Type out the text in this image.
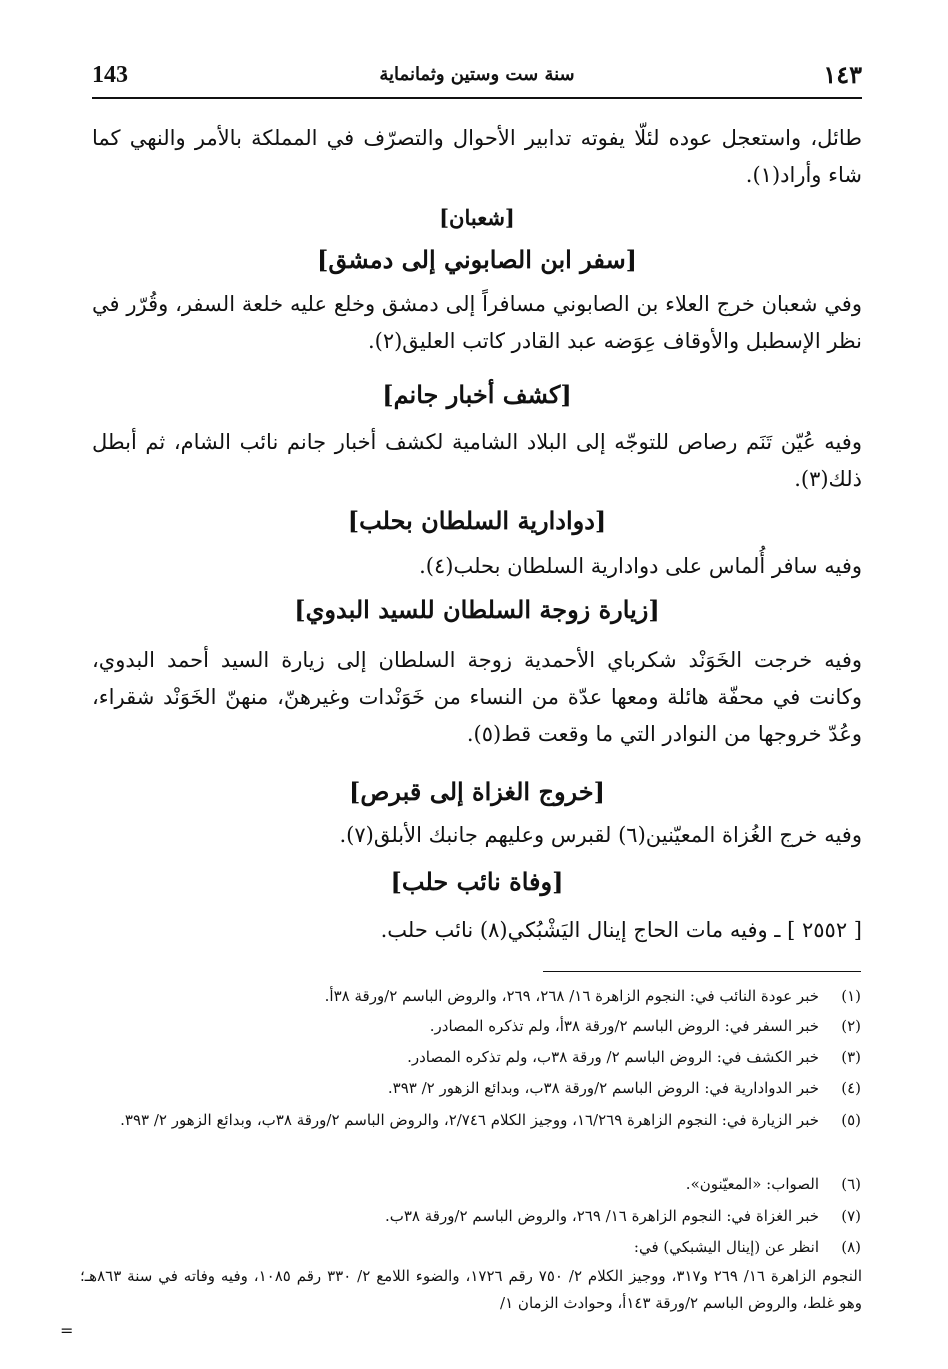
143	سنة ست وستين وثمانماية	١٤٣
طائل، واستعجل عوده لئلّا يفوته تدابير الأحوال والتصرّف في المملكة بالأمر والنهي كما شاء وأراد(١).
[شعبان]
[سفر ابن الصابوني إلى دمشق]
وفي شعبان خرج العلاء بن الصابوني مسافراً إلى دمشق وخلع عليه خلعة السفر، وقُرّر في نظر الإسطبل والأوقاف عِوَضه عبد القادر كاتب العليق(٢).
[كشف أخبار جانم]
وفيه عُيّن تَنَم رصاص للتوجّه إلى البلاد الشامية لكشف أخبار جانم نائب الشام، ثم أبطل ذلك(٣).
[دوادارية السلطان بحلب]
وفيه سافر أُلماس على دوادارية السلطان بحلب(٤).
[زيارة زوجة السلطان للسيد البدوي]
وفيه خرجت الخَوَنْد شكرباي الأحمدية زوجة السلطان إلى زيارة السيد أحمد البدوي، وكانت في محفّة هائلة ومعها عدّة من النساء من خَوَنْدات وغيرهنّ، منهنّ الخَوَنْد شقراء، وعُدّ خروجها من النوادر التي ما وقعت قط(٥).
[خروج الغزاة إلى قبرص]
وفيه خرج الغُزاة المعيّنين(٦) لقبرس وعليهم جانبك الأبلق(٧).
[وفاة نائب حلب]
[ ٢٥٥٢ ] ـ وفيه مات الحاج إينال اليَشْبُكي(٨) نائب حلب.
(١)
خبر عودة النائب في: النجوم الزاهرة ١٦/ ٢٦٨، ٢٦٩، والروض الباسم ٢/ورقة ٣٨أ.
(٢)
خبر السفر في: الروض الباسم ٢/ورقة ٣٨أ، ولم تذكره المصادر.
(٣)
خبر الكشف في: الروض الباسم ٢/ ورقة ٣٨ب، ولم تذكره المصادر.
(٤)
خبر الدوادارية في: الروض الباسم ٢/ورقة ٣٨ب، وبدائع الزهور ٢/ ٣٩٣.
(٥)
خبر الزيارة في: النجوم الزاهرة ١٦/٢٦٩، ووجيز الكلام ٢/٧٤٦، والروض الباسم ٢/ورقة ٣٨ب، وبدائع الزهور ٢/ ٣٩٣.
(٦)
الصواب: «المعيّنون».
(٧)
خبر الغزاة في: النجوم الزاهرة ١٦/ ٢٦٩، والروض الباسم ٢/ورقة ٣٨ب.
(٨)
انظر عن (إينال اليشبكي) في:
النجوم الزاهرة ١٦/ ٢٦٩ و٣١٧، ووجيز الكلام ٢/ ٧٥٠ رقم ١٧٢٦، والضوء اللامع ٢/ ٣٣٠ رقم ١٠٨٥، وفيه وفاته في سنة ٨٦٣هـ؛ وهو غلط، والروض الباسم ٢/ورقة ١٤٣أ، وحوادث الزمان ١/
=
